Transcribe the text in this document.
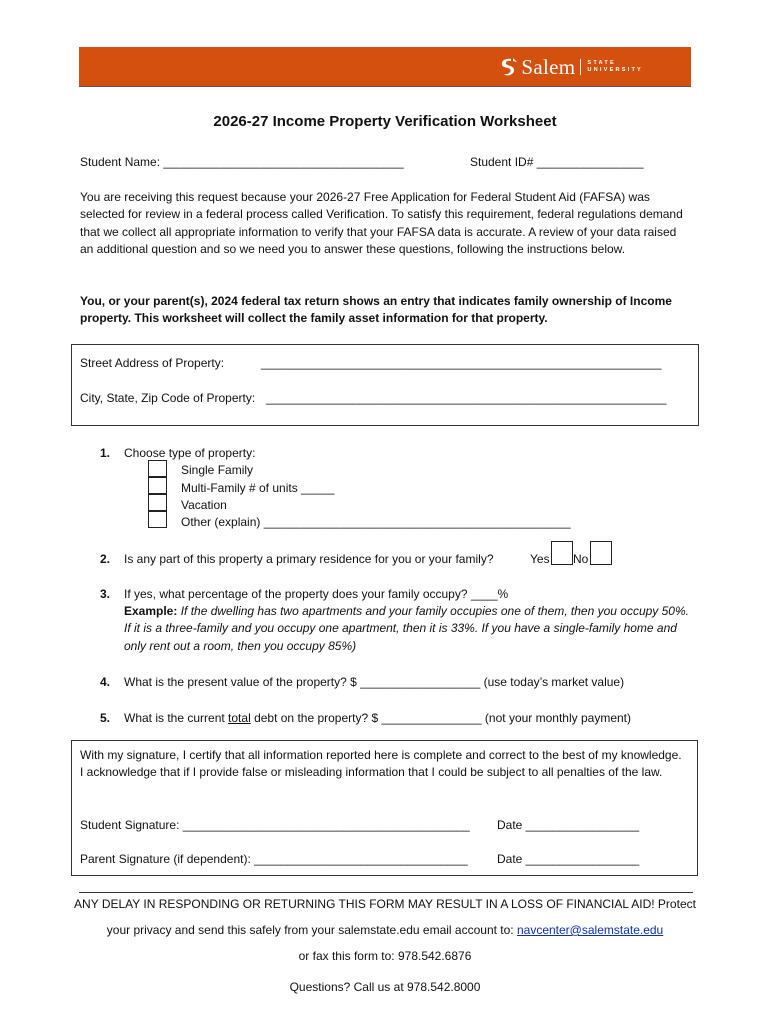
Salem STATE
UNIVERSITY
2026-27 Income Property Verification Worksheet
Student Name: ____________________________________	Student ID# ________________
You are receiving this request because your 2026-27 Free Application for Federal Student Aid (FAFSA) was selected for review in a federal process called Verification. To satisfy this requirement, federal regulations demand that we collect all appropriate information to verify that your FAFSA data is accurate. A review of your data raised an additional question and so we need you to answer these questions, following the instructions below.
You, or your parent(s), 2024 federal tax return shows an entry that indicates family ownership of Income property. This worksheet will collect the family asset information for that property.
Street Address of Property:	____________________________________________________________
City, State, Zip Code of Property: ____________________________________________________________
1. Choose type of property:
Single Family
Multi-Family # of units _____
Vacation
Other (explain) ______________________________________________
2. Is any part of this property a primary residence for you or your family?	Yes No
3. If yes, what percentage of the property does your family occupy? ____%
Example: If the dwelling has two apartments and your family occupies one of them, then you occupy 50%. If it is a three-family and you occupy one apartment, then it is 33%. If you have a single-family home and only rent out a room, then you occupy 85%)
4. What is the present value of the property? $ __________________ (use today’s market value)
5. What is the current total debt on the property? $ _______________ (not your monthly payment)
With my signature, I certify that all information reported here is complete and correct to the best of my knowledge. I acknowledge that if I provide false or misleading information that I could be subject to all penalties of the law.
Student Signature: ___________________________________________ Date _________________
Parent Signature (if dependent): ________________________________ Date _________________
ANY DELAY IN RESPONDING OR RETURNING THIS FORM MAY RESULT IN A LOSS OF FINANCIAL AID! Protect
your privacy and send this safely from your salemstate.edu email account to: navcenter@salemstate.edu
or fax this form to: 978.542.6876
Questions? Call us at 978.542.8000
